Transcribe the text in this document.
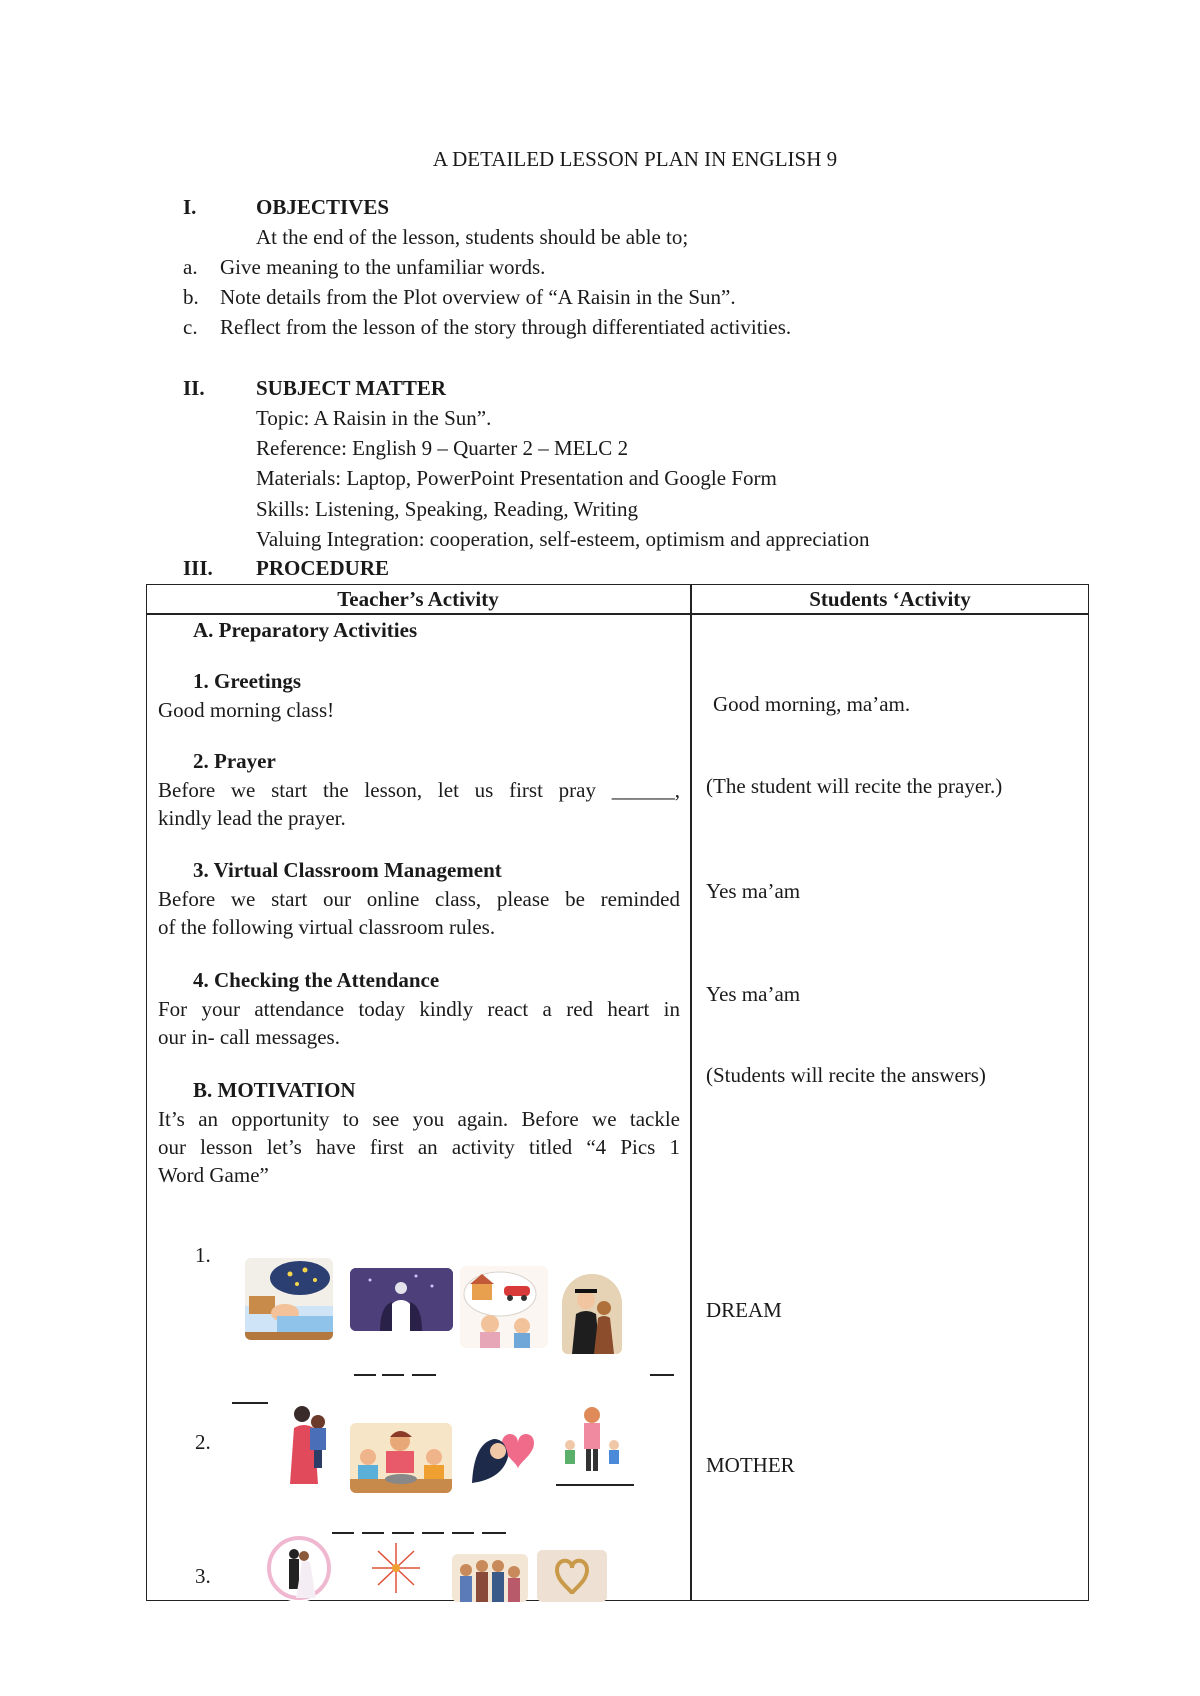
A DETAILED LESSON PLAN IN ENGLISH 9
I.	OBJECTIVES
At the end of the lesson, students should be able to;
a. Give meaning to the unfamiliar words.
b. Note details from the Plot overview of “A Raisin in the Sun”.
c. Reflect from the lesson of the story through differentiated activities.
II. SUBJECT MATTER
Topic: A Raisin in the Sun”.
Reference: English 9 – Quarter 2 – MELC 2
Materials: Laptop, PowerPoint Presentation and Google Form
Skills: Listening, Speaking, Reading, Writing
Valuing Integration: cooperation, self-esteem, optimism and appreciation
III. PROCEDURE
Teacher’s Activity	Students ‘Activity
A. Preparatory Activities
1. Greetings
Good morning class!
2. Prayer
Before we start the lesson, let us first pray ______,
kindly lead the prayer.
3. Virtual Classroom Management
Before we start our online class, please be reminded
of the following virtual classroom rules.
4. Checking the Attendance
For your attendance today kindly react a red heart in
our in- call messages.
B. MOTIVATION
It’s an opportunity to see you again. Before we tackle
our lesson let’s have first an activity titled “4 Pics 1
Word Game”
1.
2.
3.
Good morning, ma’am.
(The student will recite the prayer.)
Yes ma’am
Yes ma’am
(Students will recite the answers)
DREAM
MOTHER
